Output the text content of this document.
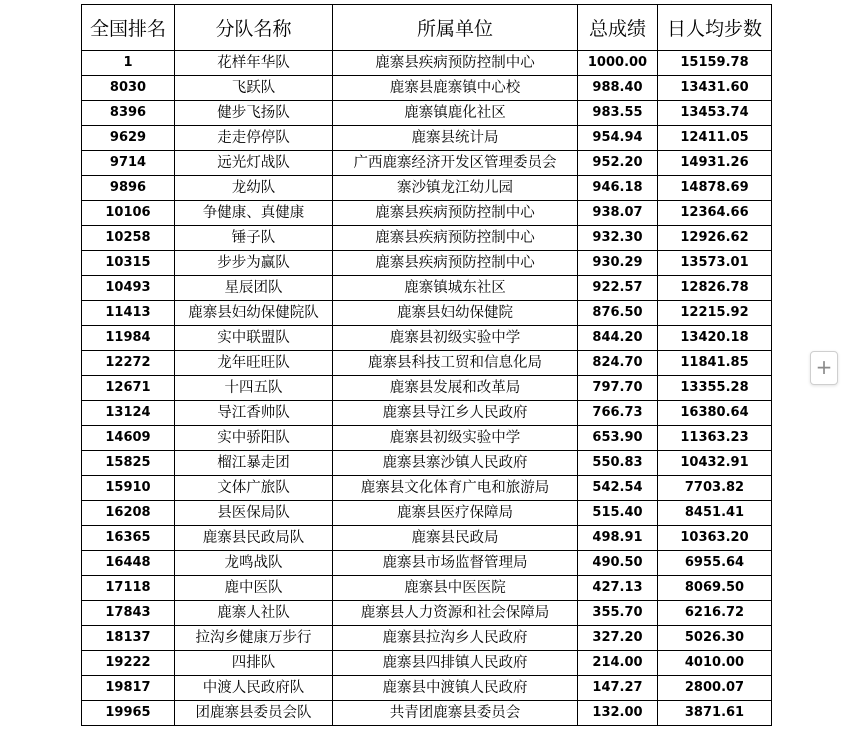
全国排名	分队名称	所属单位	总成绩	日人均步数
1	花样年华队	鹿寨县疾病预防控制中心	1000.00	15159.78
8030	飞跃队	鹿寨县鹿寨镇中心校	988.40	13431.60
8396	健步飞扬队	鹿寨镇鹿化社区	983.55	13453.74
9629	走走停停队	鹿寨县统计局	954.94	12411.05
9714	远光灯战队	广西鹿寨经济开发区管理委员会	952.20	14931.26
9896	龙幼队	寨沙镇龙江幼儿园	946.18	14878.69
10106	争健康、真健康	鹿寨县疾病预防控制中心	938.07	12364.66
10258	锤子队	鹿寨县疾病预防控制中心	932.30	12926.62
10315	步步为赢队	鹿寨县疾病预防控制中心	930.29	13573.01
10493	星辰团队	鹿寨镇城东社区	922.57	12826.78
11413	鹿寨县妇幼保健院队	鹿寨县妇幼保健院	876.50	12215.92
11984	实中联盟队	鹿寨县初级实验中学	844.20	13420.18
12272	龙年旺旺队	鹿寨县科技工贸和信息化局	824.70	11841.85
12671	十四五队	鹿寨县发展和改革局	797.70	13355.28
13124	导江香帅队	鹿寨县导江乡人民政府	766.73	16380.64
14609	实中骄阳队	鹿寨县初级实验中学	653.90	11363.23
15825	榴江暴走团	鹿寨县寨沙镇人民政府	550.83	10432.91
15910	文体广旅队	鹿寨县文化体育广电和旅游局	542.54	7703.82
16208	县医保局队	鹿寨县医疗保障局	515.40	8451.41
16365	鹿寨县民政局队	鹿寨县民政局	498.91	10363.20
16448	龙鸣战队	鹿寨县市场监督管理局	490.50	6955.64
17118	鹿中医队	鹿寨县中医医院	427.13	8069.50
17843	鹿寨人社队	鹿寨县人力资源和社会保障局	355.70	6216.72
18137	拉沟乡健康万步行	鹿寨县拉沟乡人民政府	327.20	5026.30
19222	四排队	鹿寨县四排镇人民政府	214.00	4010.00
19817	中渡人民政府队	鹿寨县中渡镇人民政府	147.27	2800.07
19965	团鹿寨县委员会队	共青团鹿寨县委员会	132.00	3871.61
+
